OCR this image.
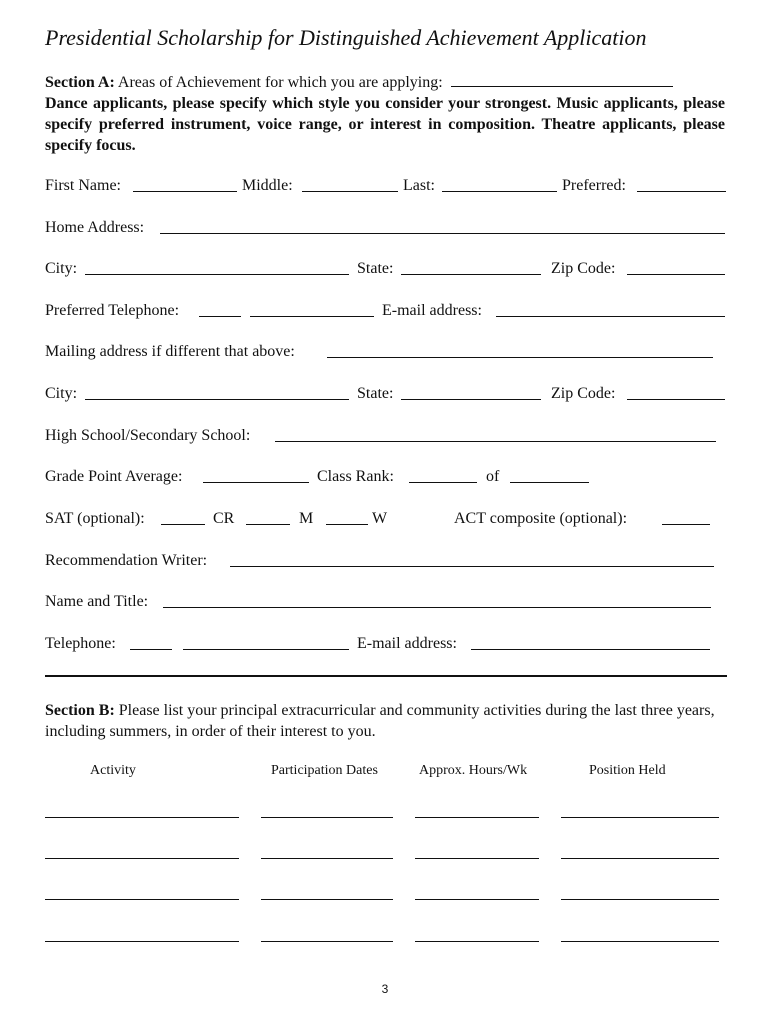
Presidential Scholarship for Distinguished Achievement Application
Section A: Areas of Achievement for which you are applying:
Dance applicants, please specify which style you consider your strongest. Music applicants, please specify preferred instrument, voice range, or interest in composition. Theatre applicants, please specify focus.
First Name:	Middle:	Last:	Preferred:
Home Address:
City:	State:	Zip Code:
Preferred Telephone:	E-mail address:
Mailing address if different that above:
City:	State:	Zip Code:
High School/Secondary School:
Grade Point Average:	Class Rank:	of
SAT (optional):	CR	M	W	ACT composite (optional):
Recommendation Writer:
Name and Title:
Telephone:	E-mail address:
Section B: Please list your principal extracurricular and community activities during the last three years, including summers, in order of their interest to you.
Activity	Participation Dates	Approx. Hours/Wk	Position Held
3
